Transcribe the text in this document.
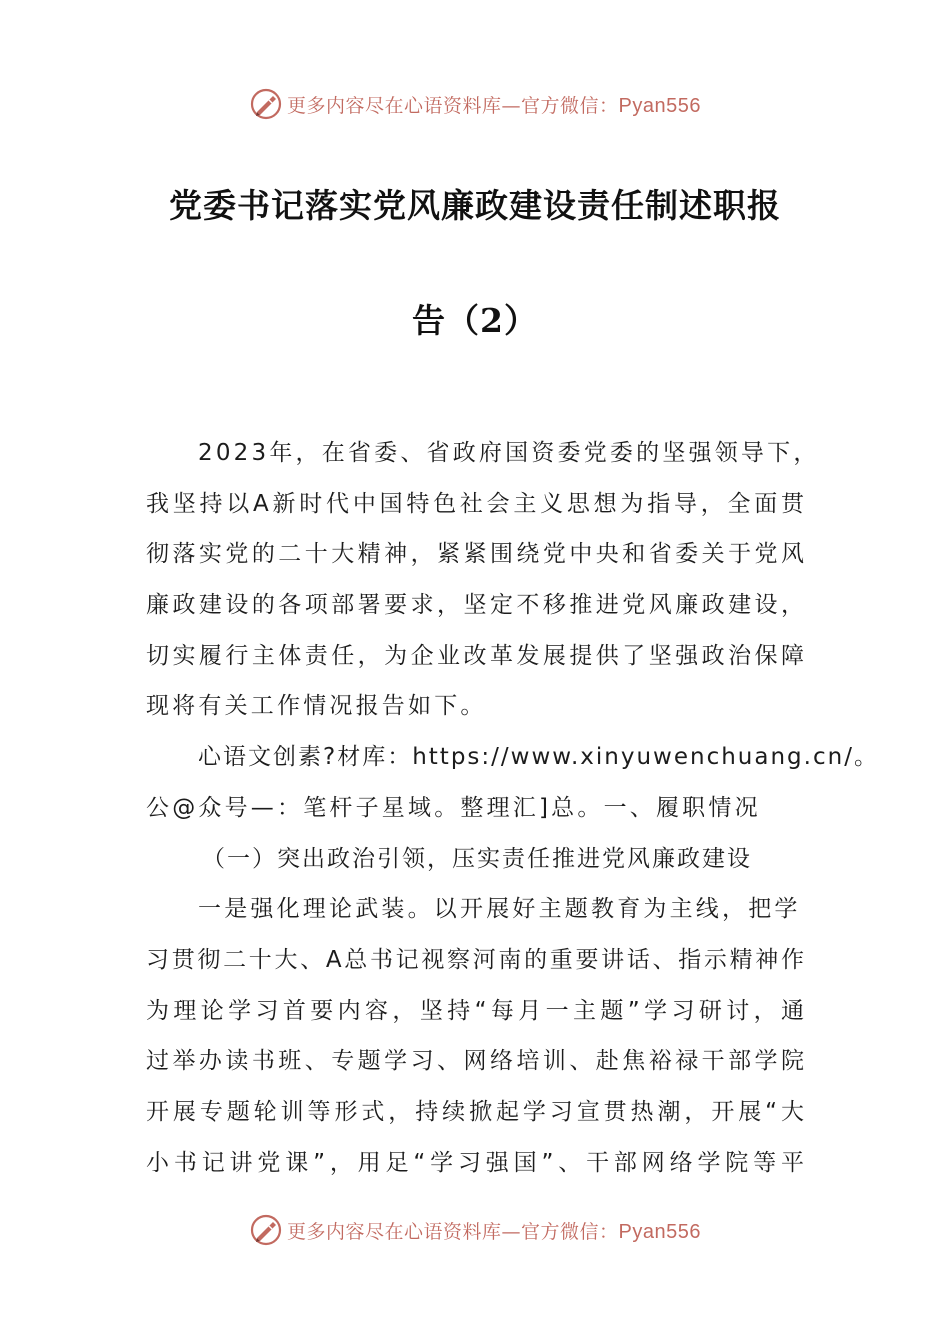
更多内容尽在心语资料库—官方微信：Pyan556
党委书记落实党风廉政建设责任制述职报
告（2）
2023年，在省委、省政府国资委党委的坚强领导下，
我坚持以A新时代中国特色社会主义思想为指导，全面贯
彻落实党的二十大精神，紧紧围绕党中央和省委关于党风
廉政建设的各项部署要求，坚定不移推进党风廉政建设，
切实履行主体责任，为企业改革发展提供了坚强政治保障
现将有关工作情况报告如下。
心语文创素?材库：https://www.xinyuwenchuang.cn/。
公@众号—：笔杆子星域。整理汇]总。一、履职情况
（一）突出政治引领，压实责任推进党风廉政建设
一是强化理论武装。以开展好主题教育为主线，把学
习贯彻二十大、A总书记视察河南的重要讲话、指示精神作
为理论学习首要内容，坚持“每月一主题”学习研讨，通
过举办读书班、专题学习、网络培训、赴焦裕禄干部学院
开展专题轮训等形式，持续掀起学习宣贯热潮，开展“大
小书记讲党课”，用足“学习强国”、干部网络学院等平
更多内容尽在心语资料库—官方微信：Pyan556
